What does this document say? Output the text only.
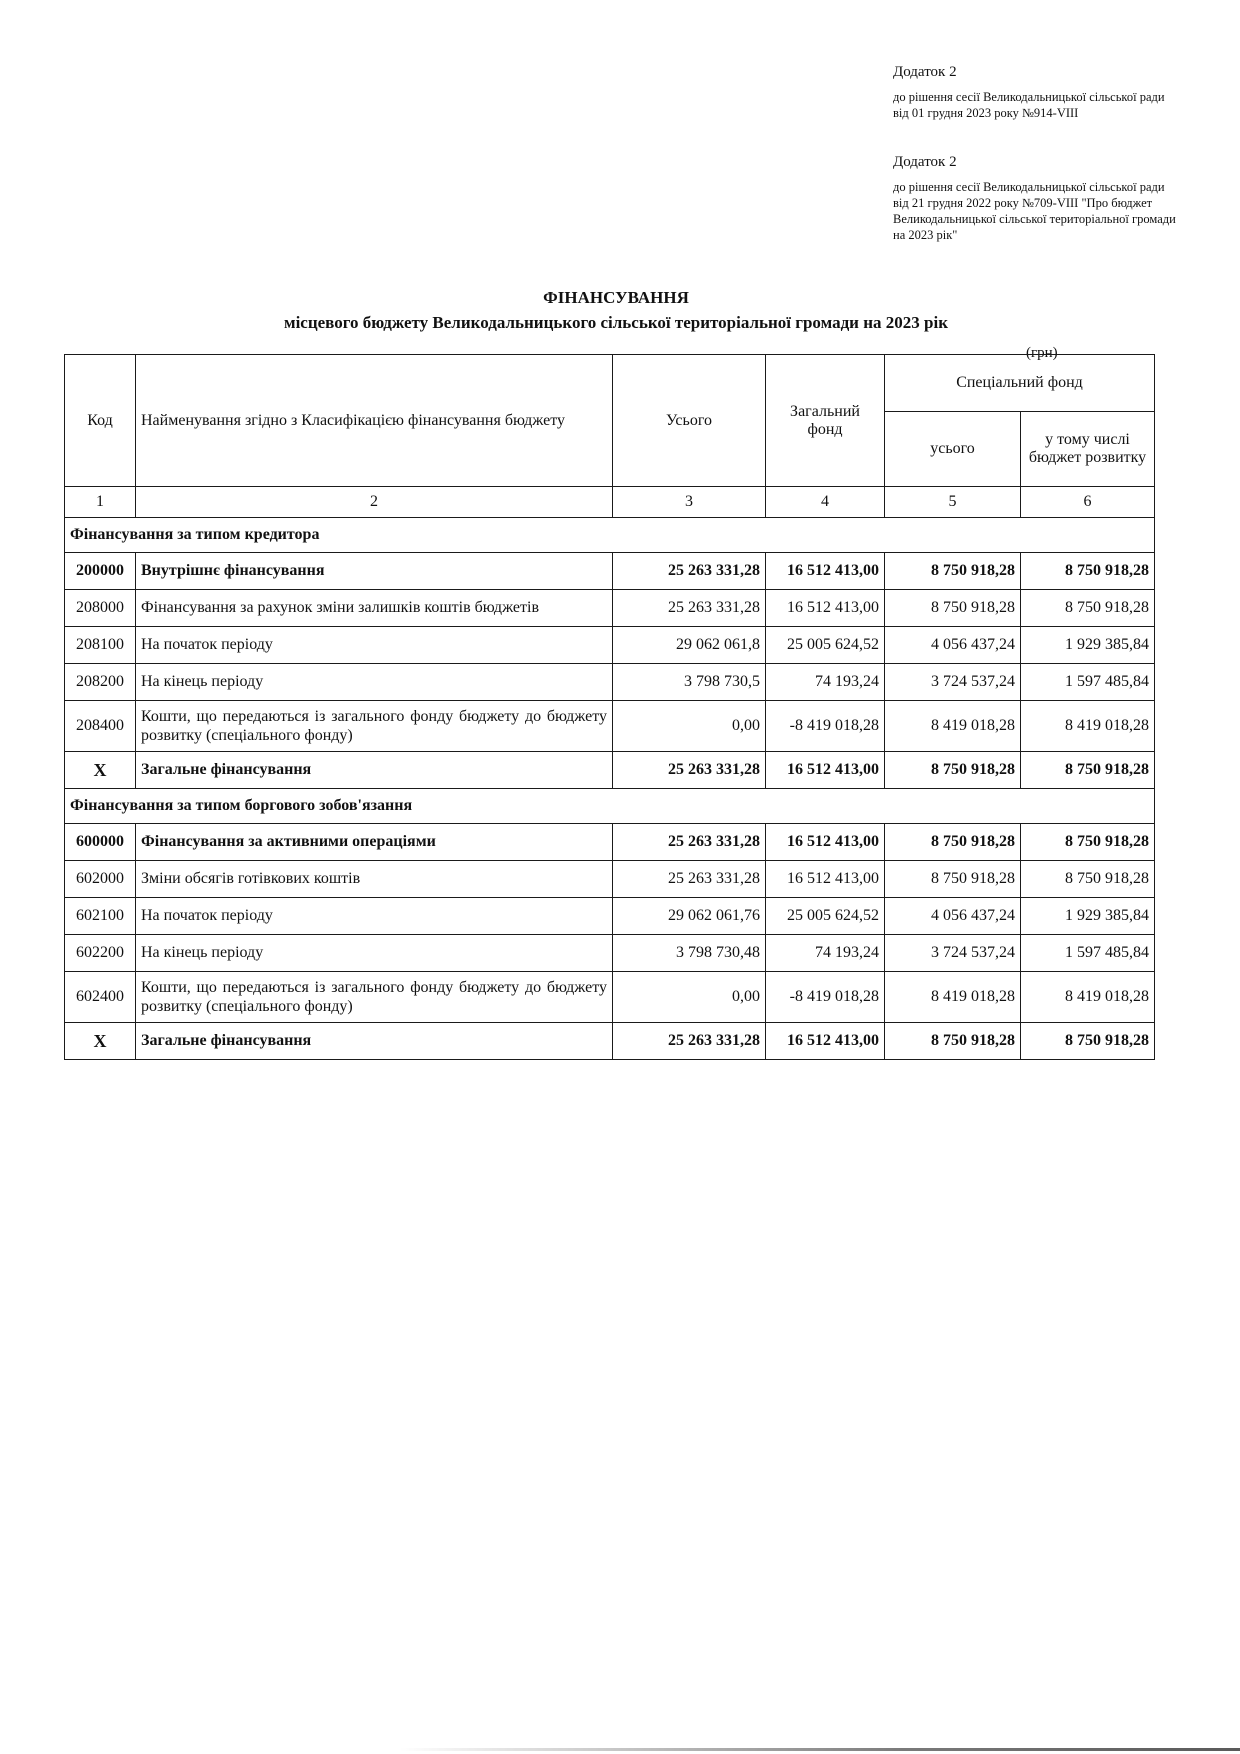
Додаток 2
до рішення сесії Великодальницької сільської ради від 01 грудня 2023 року №914-VIII
Додаток 2
до рішення сесії Великодальницької сільської ради від 21 грудня 2022 року №709-VIII "Про бюджет Великодальницької сільської територіальної громади на 2023 рік"
ФІНАНСУВАННЯ
місцевого бюджету Великодальницького сільської територіальної громади на 2023 рік
(грн)
Код	Найменування згідно з Класифікацією фінансування бюджету	Усього	Загальний фонд	Спеціальний фонд	
				усього	у тому числі бюджет розвитку
1	2	3	4	5	6
Фінансування за типом кредитора					
200000	Внутрішнє фінансування	25 263 331,28	16 512 413,00	8 750 918,28	8 750 918,28
208000	Фінансування за рахунок зміни залишків коштів бюджетів	25 263 331,28	16 512 413,00	8 750 918,28	8 750 918,28
208100	На початок періоду	29 062 061,8	25 005 624,52	4 056 437,24	1 929 385,84
208200	На кінець періоду	3 798 730,5	74 193,24	3 724 537,24	1 597 485,84
208400	Кошти, що передаються із загального фонду бюджету до бюджету розвитку (спеціального фонду)	0,00	-8 419 018,28	8 419 018,28	8 419 018,28
X	Загальне фінансування	25 263 331,28	16 512 413,00	8 750 918,28	8 750 918,28
Фінансування за типом боргового зобов'язання					
600000	Фінансування за активними операціями	25 263 331,28	16 512 413,00	8 750 918,28	8 750 918,28
602000	Зміни обсягів готівкових коштів	25 263 331,28	16 512 413,00	8 750 918,28	8 750 918,28
602100	На початок періоду	29 062 061,76	25 005 624,52	4 056 437,24	1 929 385,84
602200	На кінець періоду	3 798 730,48	74 193,24	3 724 537,24	1 597 485,84
602400	Кошти, що передаються із загального фонду бюджету до бюджету розвитку (спеціального фонду)	0,00	-8 419 018,28	8 419 018,28	8 419 018,28
X	Загальне фінансування	25 263 331,28	16 512 413,00	8 750 918,28	8 750 918,28
